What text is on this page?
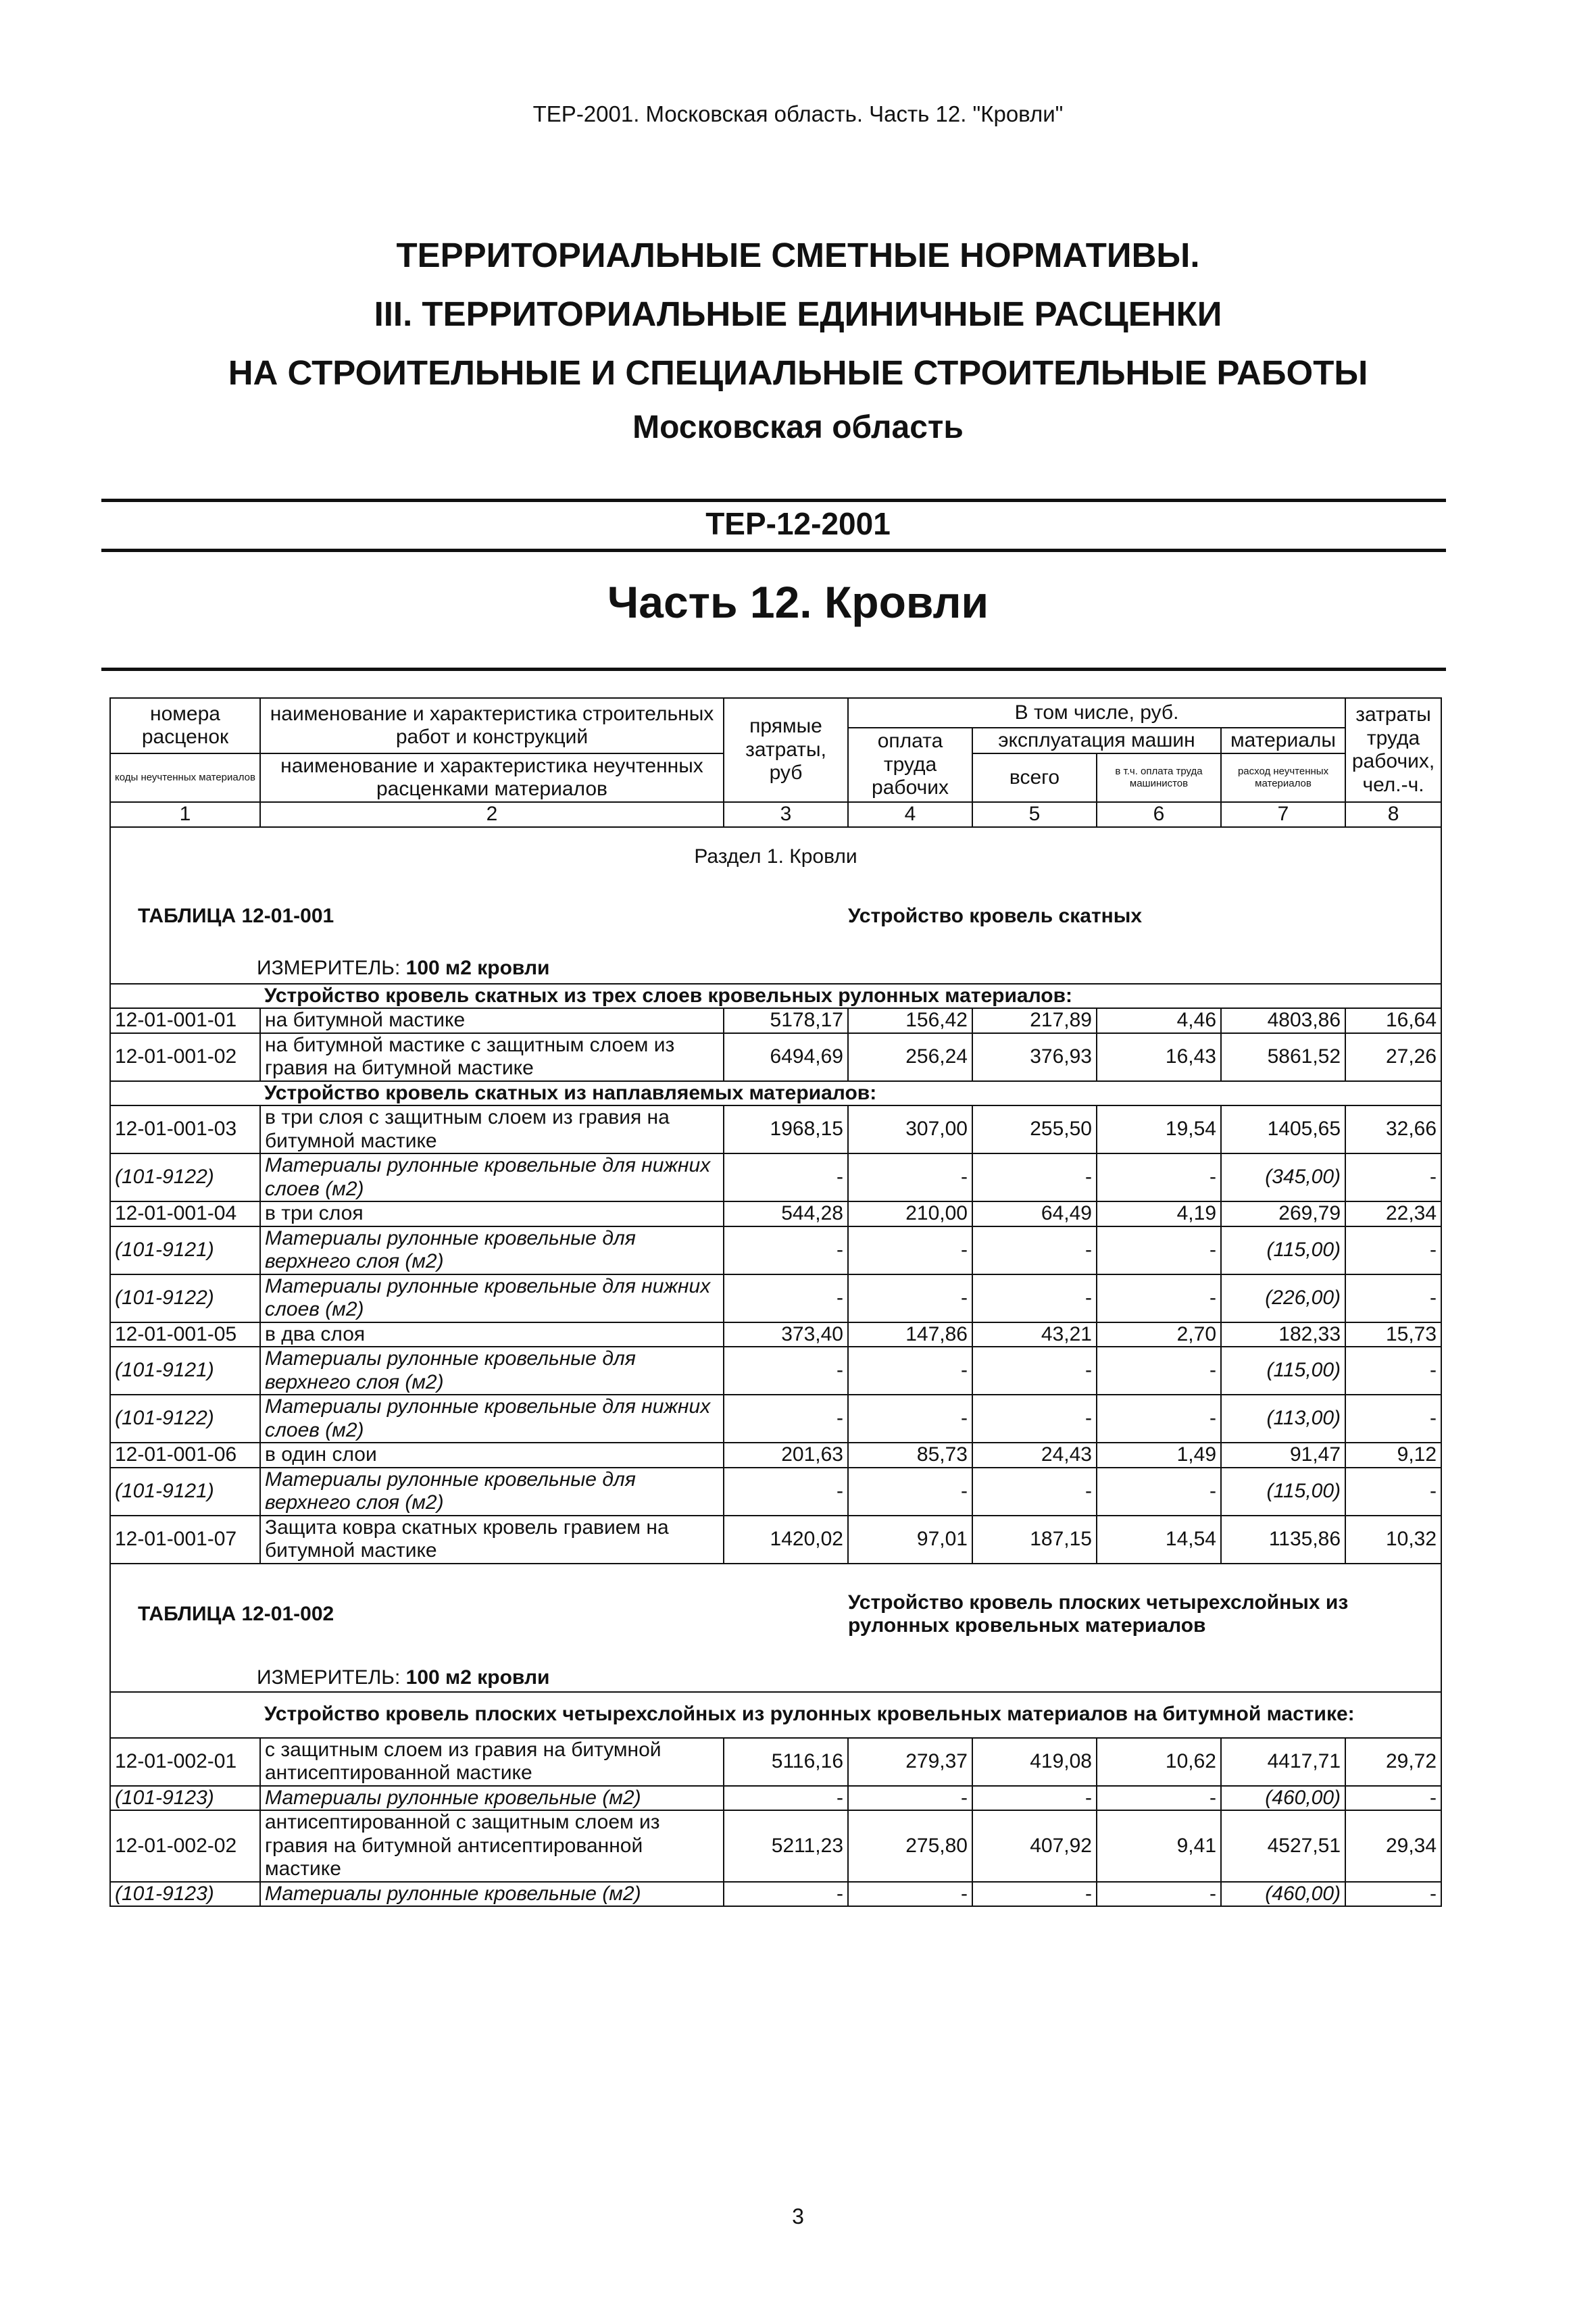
ТЕР-2001. Московская область. Часть 12. "Кровли"
ТЕРРИТОРИАЛЬНЫЕ СМЕТНЫЕ НОРМАТИВЫ.
III. ТЕРРИТОРИАЛЬНЫЕ ЕДИНИЧНЫЕ РАСЦЕНКИ
НА СТРОИТЕЛЬНЫЕ И СПЕЦИАЛЬНЫЕ СТРОИТЕЛЬНЫЕ РАБОТЫ
Московская область
ТЕР-12-2001
Часть 12. Кровли
номера расценок	наименование и характеристика строительных работ и конструкций	прямые затраты, руб	В том числе, руб.				затраты труда рабочих, чел.-ч.
			оплата труда рабочих	эксплуатация машин		материалы	

коды неучтенных материалов	наименование и характеристика неучтенных расценками материалов			всего	в т.ч. оплата труда машинистов	расход неучтенных материалов	

1	2	3	4	5	6	7	8
Раздел 1. Кровли							
ТАБЛИЦА 12-01-001			Устройство кровель скатных				
ИЗМЕРИТЕЛЬ: 100 м2 кровли							
	Устройство кровель скатных из трех слоев кровельных рулонных материалов:						
12-01-001-01	на битумной мастике	5178,17	156,42	217,89	4,46	4803,86	16,64
12-01-001-02	на битумной мастике с защитным слоем из гравия на битумной мастике	6494,69	256,24	376,93	16,43	5861,52	27,26
	Устройство кровель скатных из наплавляемых материалов:						
12-01-001-03	в три слоя с защитным слоем из гравия на битумной мастике	1968,15	307,00	255,50	19,54	1405,65	32,66
(101-9122)	Материалы рулонные кровельные для нижних слоев (м2)	-	-	-	-	(345,00)	-
12-01-001-04	в три слоя	544,28	210,00	64,49	4,19	269,79	22,34
(101-9121)	Материалы рулонные кровельные для верхнего слоя (м2)	-	-	-	-	(115,00)	-
(101-9122)	Материалы рулонные кровельные для нижних слоев (м2)	-	-	-	-	(226,00)	-
12-01-001-05	в два слоя	373,40	147,86	43,21	2,70	182,33	15,73
(101-9121)	Материалы рулонные кровельные для верхнего слоя (м2)	-	-	-	-	(115,00)	-
(101-9122)	Материалы рулонные кровельные для нижних слоев (м2)	-	-	-	-	(113,00)	-
12-01-001-06	в один слои	201,63	85,73	24,43	1,49	91,47	9,12
(101-9121)	Материалы рулонные кровельные для верхнего слоя (м2)	-	-	-	-	(115,00)	-
12-01-001-07	Защита ковра скатных кровель гравием на битумной мастике	1420,02	97,01	187,15	14,54	1135,86	10,32
ТАБЛИЦА 12-01-002			Устройство кровель плоских четырехслойных из рулонных кровельных материалов				
ИЗМЕРИТЕЛЬ: 100 м2 кровли							
	Устройство кровель плоских четырехслойных из рулонных кровельных материалов на битумной мастике:						
12-01-002-01	с защитным слоем из гравия на битумной антисептированной мастике	5116,16	279,37	419,08	10,62	4417,71	29,72
(101-9123)	Материалы рулонные кровельные (м2)	-	-	-	-	(460,00)	-
12-01-002-02	антисептированной с защитным слоем из гравия на битумной антисептированной мастике	5211,23	275,80	407,92	9,41	4527,51	29,34
(101-9123)	Материалы рулонные кровельные (м2)	-	-	-	-	(460,00)	-
3
